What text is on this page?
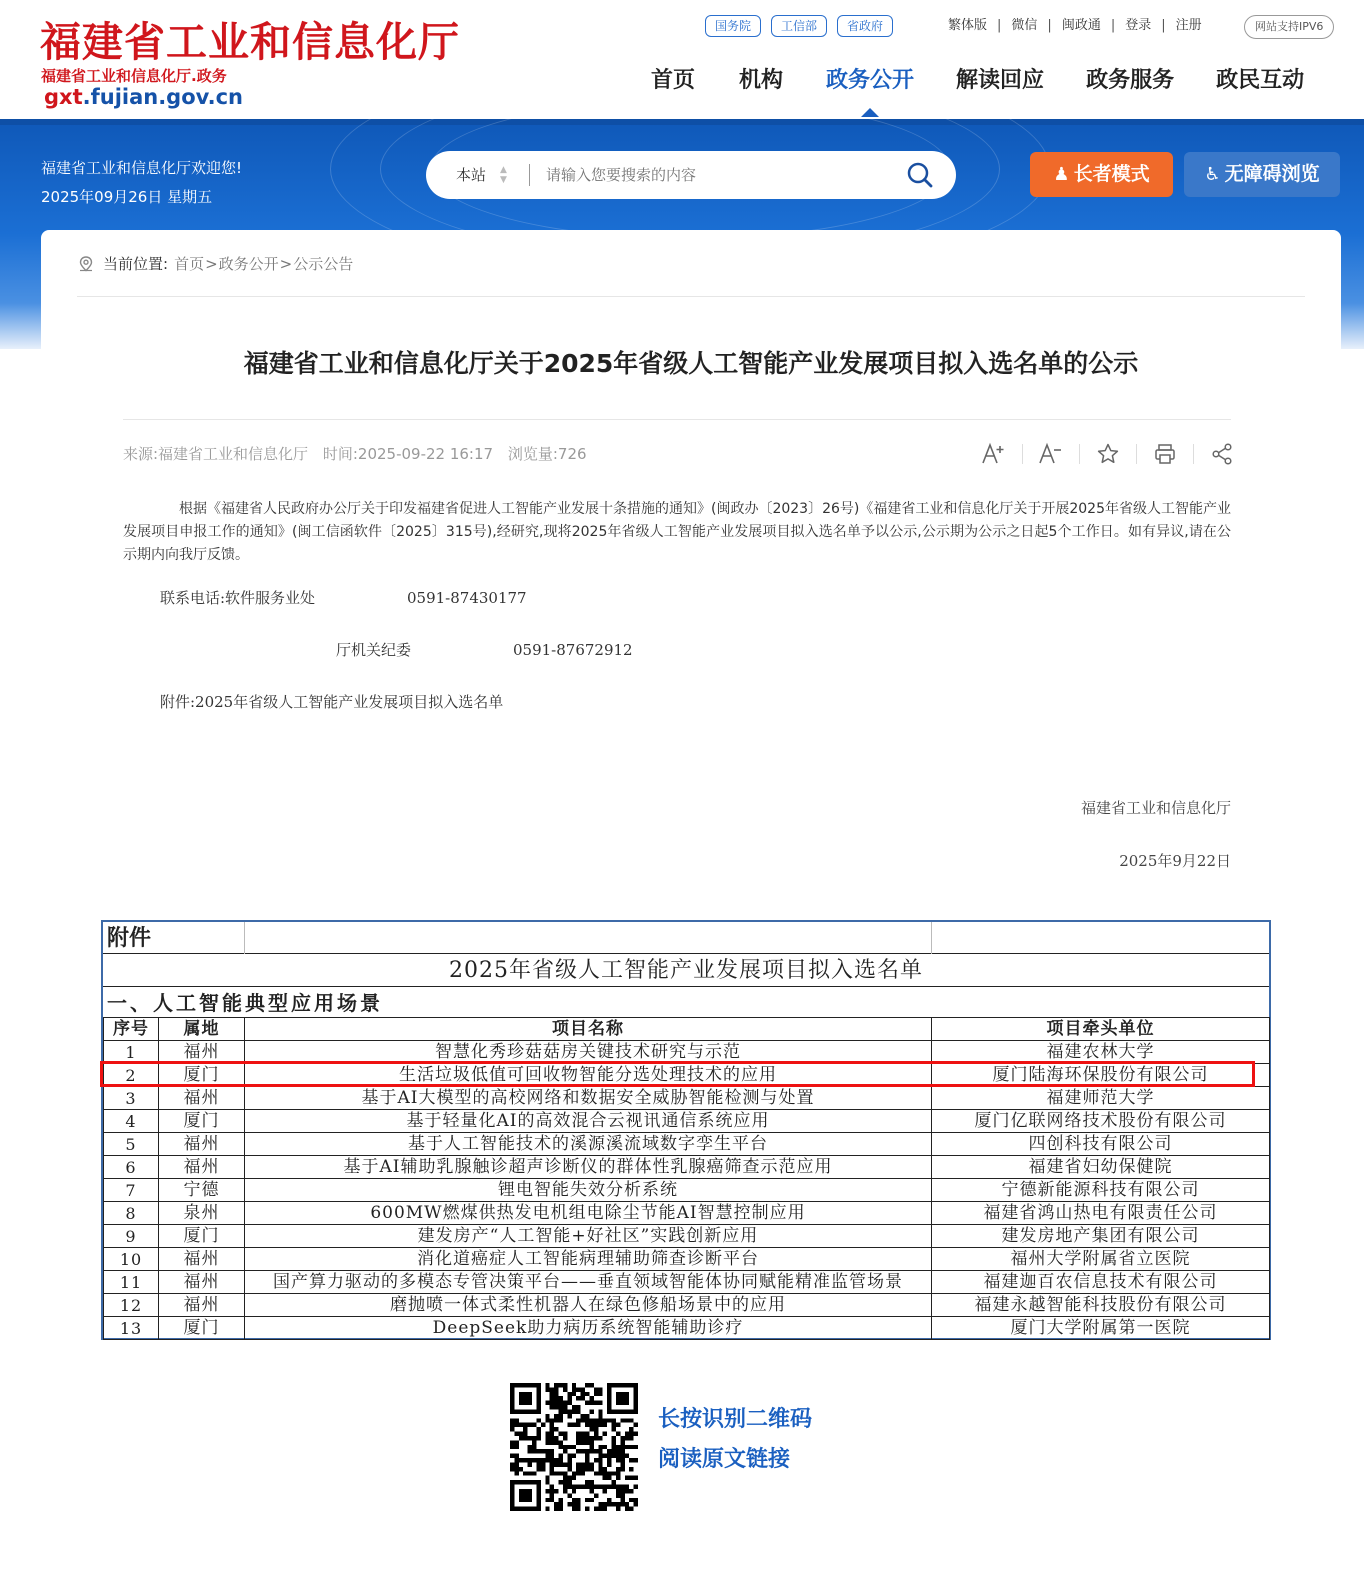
福建省工业和信息化厅
福建省工业和信息化厅.政务
gxt.fujian.gov.cn
国务院	工信部	省政府	繁体版 | 微信 | 闽政通 | 登录 | 注册	网站支持IPV6
首页 机构 政务公开 解读回应 政务服务 政民互动
福建省工业和信息化厅欢迎您!
2025年09月26日 星期五
本站 ▲
▼
请输入您要搜索的内容	♟ 长者模式	♿ 无障碍浏览
当前位置: 首页 > 政务公开 > 公示公告
福建省工业和信息化厅关于2025年省级人工智能产业发展项目拟入选名单的公示
来源:福建省工业和信息化厅 时间:2025-09-22 16:17 浏览量:726

根据《福建省人民政府办公厅关于印发福建省促进人工智能产业发展十条措施的通知》(闽政办〔2023〕26号)《福建省工业和信息化厅关于开展2025年省级人工智能产业发展项目申报工作的通知》(闽工信函软件〔2025〕315号),经研究,现将2025年省级人工智能产业发展项目拟入选名单予以公示,公示期为公示之日起5个工作日。如有异议,请在公示期内向我厅反馈。

联系电话:软件服务业处	0591-87430177
厅机关纪委	0591-87672912
附件:2025年省级人工智能产业发展项目拟入选名单
福建省工业和信息化厅
2025年9月22日
附件
2025年省级人工智能产业发展项目拟入选名单
一、人工智能典型应用场景
序号	属地	项目名称	项目牵头单位
1	福州	智慧化秀珍菇菇房关键技术研究与示范	福建农林大学
2	厦门	生活垃圾低值可回收物智能分选处理技术的应用	厦门陆海环保股份有限公司
3	福州	基于AI大模型的高校网络和数据安全威胁智能检测与处置	福建师范大学
4	厦门	基于轻量化AI的高效混合云视讯通信系统应用	厦门亿联网络技术股份有限公司
5	福州	基于人工智能技术的溪源溪流域数字孪生平台	四创科技有限公司
6	福州	基于AI辅助乳腺触诊超声诊断仪的群体性乳腺癌筛查示范应用	福建省妇幼保健院
7	宁德	锂电智能失效分析系统	宁德新能源科技有限公司
8	泉州	600MW燃煤供热发电机组电除尘节能AI智慧控制应用	福建省鸿山热电有限责任公司
9	厦门	建发房产“人工智能+好社区”实践创新应用	建发房地产集团有限公司
10	福州	消化道癌症人工智能病理辅助筛查诊断平台	福州大学附属省立医院
11	福州	国产算力驱动的多模态专管决策平台——垂直领域智能体协同赋能精准监管场景	福建迦百农信息技术有限公司
12	福州	磨抛喷一体式柔性机器人在绿色修船场景中的应用	福建永越智能科技股份有限公司
13	厦门	DeepSeek助力病历系统智能辅助诊疗	厦门大学附属第一医院
长按识别二维码
阅读原文链接
